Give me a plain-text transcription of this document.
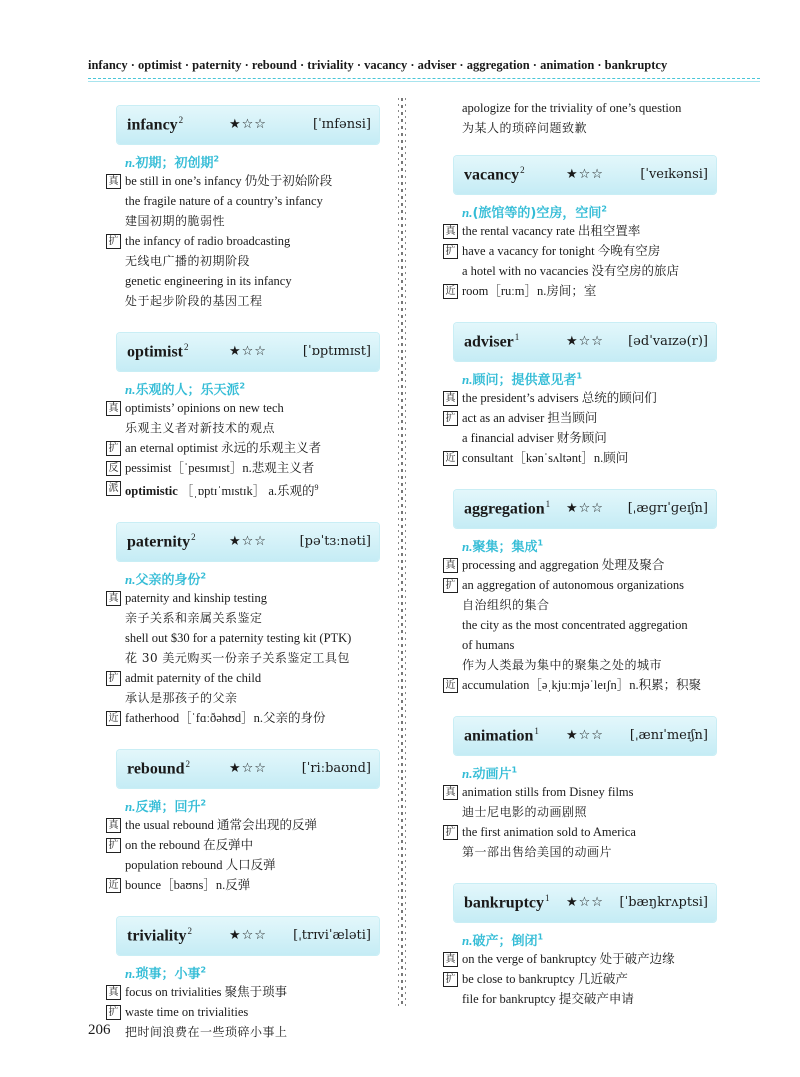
infancy · optimist · paternity · rebound · triviality · vacancy · adviser · aggregation · animation · bankruptcy
infancy$^2$	★☆☆	[ˈɪnfənsi]
n.初期；初创期$^2$
真 be still in one’s infancy 仍处于初始阶段
the fragile nature of a country’s infancy
建国初期的脆弱性
扩 the infancy of radio broadcasting
无线电广播的初期阶段
genetic engineering in its infancy
处于起步阶段的基因工程
optimist$^2$	★☆☆	[ˈɒptɪmɪst]
n.乐观的人；乐天派$^2$
真 optimists’ opinions on new tech
乐观主义者对新技术的观点
扩 an eternal optimist 永远的乐观主义者
反 pessimist［ˈpesɪmɪst］n.悲观主义者
派 optimistic ［ˌɒptɪˈmɪstɪk］ a.乐观的$^9$
paternity$^2$	★☆☆	[pəˈtɜːnəti]
n.父亲的身份$^2$
真 paternity and kinship testing
亲子关系和亲属关系鉴定
shell out $30 for a paternity testing kit (PTK)
花 30 美元购买一份亲子关系鉴定工具包
扩 admit paternity of the child
承认是那孩子的父亲
近 fatherhood［ˈfɑːðəhʊd］n.父亲的身份
rebound$^2$	★☆☆	[ˈriːbaʊnd]
n.反弹；回升$^2$
真 the usual rebound 通常会出现的反弹
扩 on the rebound 在反弹中
population rebound 人口反弹
近 bounce［baʊns］n.反弹
triviality$^2$	★☆☆ [ˌtrɪviˈæləti]
n.琐事；小事$^2$
真 focus on trivialities 聚焦于琐事
扩 waste time on trivialities
把时间浪费在一些琐碎小事上
apologize for the triviality of one’s question
为某人的琐碎问题致歉
vacancy$^2$	★☆☆	[ˈveɪkənsi]
n.(旅馆等的)空房，空间$^2$
真 the rental vacancy rate 出租空置率
扩 have a vacancy for tonight 今晚有空房
a hotel with no vacancies 没有空房的旅店
近 room［ruːm］n.房间；室
adviser$^1$	★☆☆ [ədˈvaɪzə(r)]
n.顾问；提供意见者$^1$
真 the president’s advisers 总统的顾问们
扩 act as an adviser 担当顾问
a financial adviser 财务顾问
近 consultant［kənˈsʌltənt］n.顾问
aggregation$^1$ ★☆☆ [ˌæɡrɪˈɡeɪʃn]
n.聚集；集成$^1$
真 processing and aggregation 处理及聚合
扩 an aggregation of autonomous organizations
自治组织的集合
the city as the most concentrated aggregation
of humans
作为人类最为集中的聚集之处的城市
近 accumulation［əˌkjuːmjəˈleɪʃn］n.积累；积聚
animation$^1$ ★☆☆ [ˌænɪˈmeɪʃn]
n.动画片$^1$
真 animation stills from Disney films
迪士尼电影的动画剧照
扩 the first animation sold to America
第一部出售给美国的动画片
bankruptcy$^1$ ★☆☆ [ˈbæŋkrʌptsi]
n.破产；倒闭$^1$
真 on the verge of bankruptcy 处于破产边缘
扩 be close to bankruptcy 几近破产
file for bankruptcy 提交破产申请
206
